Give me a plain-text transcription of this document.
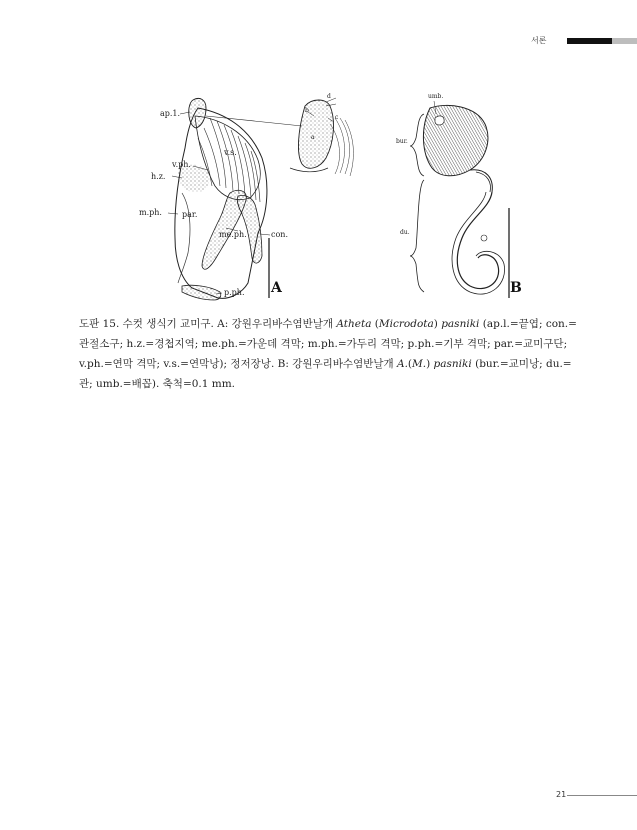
서론
ap.1.
v.ph.
v.s.
h.z.
m.ph.	par.
me.ph.	con.
p.ph. A
d
b
c
a
umb.
bur.
du.
B

도판 15. 수컷 생식기 교미구. A: 강원우리바수염반날개 Atheta (Microdota) pasniki (ap.l.=끝엽; con.=관절소구; h.z.=경첩지역; me.ph.=가운데 격막; m.ph.=가두리 격막; p.ph.=기부 격막; par.=교미구단; v.ph.=연막 격막; v.s.=연막낭); 정저장낭. B: 강원우리바수염반날개 A.(M.) pasniki (bur.=교미낭; du.=관; umb.=배꼽). 축척=0.1 mm.

21
